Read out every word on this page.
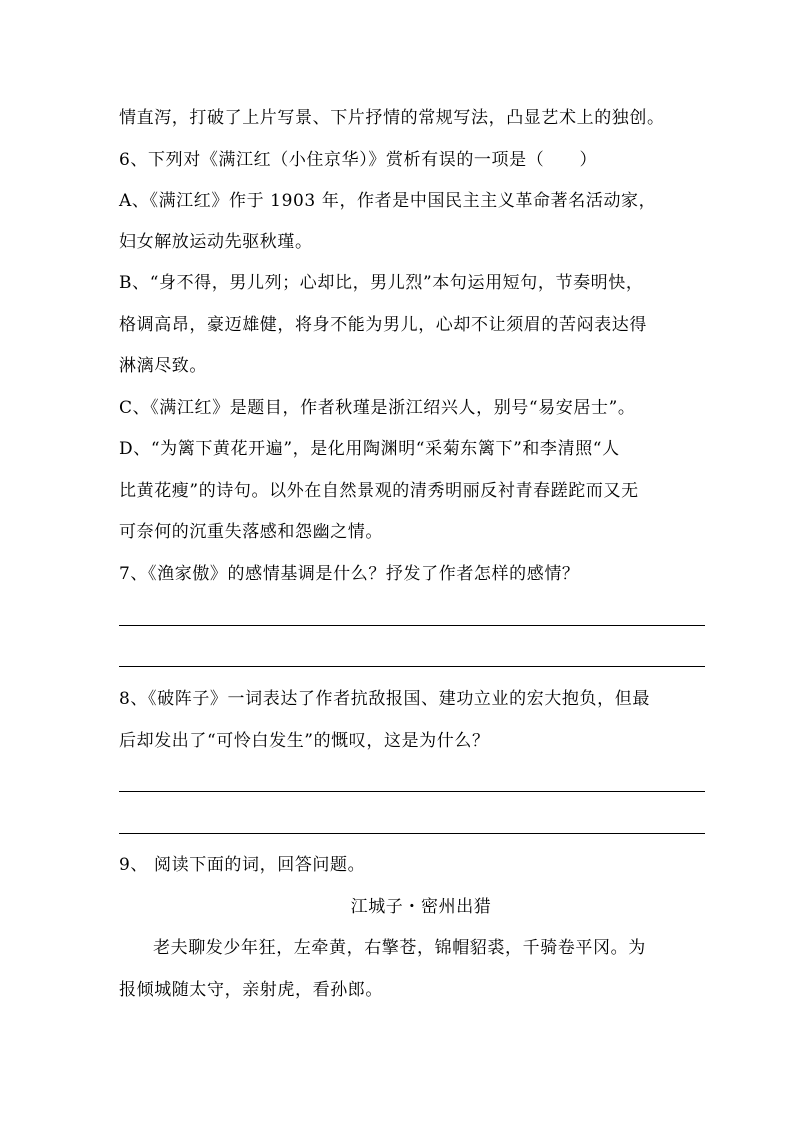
情直泻，打破了上片写景、下片抒情的常规写法，凸显艺术上的独创。
6、下列对《满江红（小住京华）》赏析有误的一项是（　　）
A、《满江红》作于 1903 年，作者是中国民主主义革命著名活动家，
妇女解放运动先驱秋瑾。
B、“身不得，男儿列；心却比，男儿烈”本句运用短句，节奏明快，
格调高昂，豪迈雄健，将身不能为男儿，心却不让须眉的苦闷表达得
淋漓尽致。
C、《满江红》是题目，作者秋瑾是浙江绍兴人，别号“易安居士”。
D、“为篱下黄花开遍”，是化用陶渊明“采菊东篱下”和李清照“人
比黄花瘦”的诗句。以外在自然景观的清秀明丽反衬青春蹉跎而又无
可奈何的沉重失落感和怨幽之情。
7、《渔家傲》的感情基调是什么？抒发了作者怎样的感情？
8、《破阵子》一词表达了作者抗敌报国、建功立业的宏大抱负，但最
后却发出了“可怜白发生”的慨叹，这是为什么？
9、 阅读下面的词，回答问题。
江城子・密州出猎
老夫聊发少年狂，左牵黄，右擎苍，锦帽貂裘，千骑卷平冈。为
报倾城随太守，亲射虎，看孙郎。
